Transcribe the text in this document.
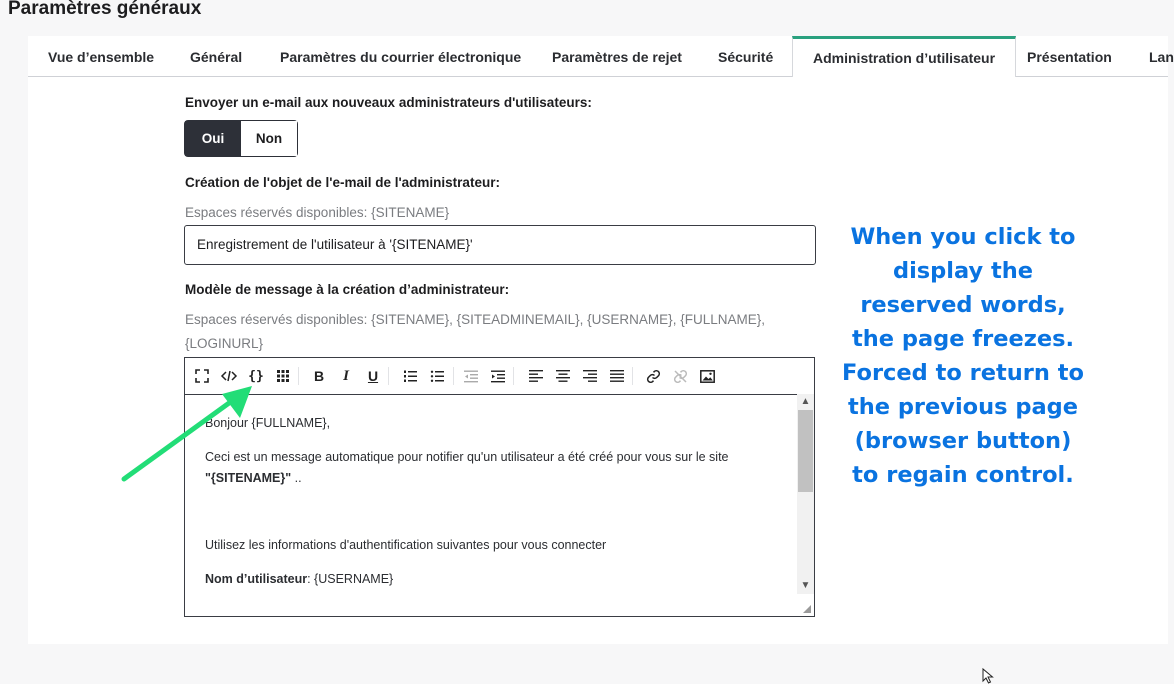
Paramètres généraux
Vue d’ensemble	Général	Paramètres du courrier électronique	Paramètres de rejet	Sécurité	Administration d’utilisateur	Présentation	Lan
Envoyer un e-mail aux nouveaux administrateurs d'utilisateurs:
Oui	Non
Création de l'objet de l'e-mail de l'administrateur:
Espaces réservés disponibles: {SITENAME}
Enregistrement de l'utilisateur à '{SITENAME}'
Modèle de message à la création d’administrateur:
Espaces réservés disponibles: {SITENAME}, {SITEADMINEMAIL}, {USERNAME}, {FULLNAME},
{LOGINURL}
{}	B	I	U

Bonjour {FULLNAME},

Ceci est un message automatique pour notifier qu'un utilisateur a été créé pour vous sur le site
"{SITENAME}" ..

Utilisez les informations d'authentification suivantes pour vous connecter

Nom d’utilisateur: {USERNAME}

▲
▼
When you click to display the reserved words, the page freezes. Forced to return to the previous page (browser button) to regain control.
